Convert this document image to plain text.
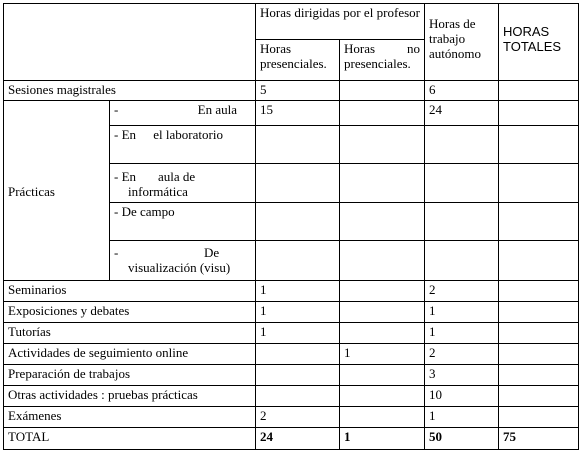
		Horas dirigidas por el profesor		Horas de trabajo autónomo	HORAS TOTALES
		Horas presenciales.	Horas no presenciales.		
Sesiones magistrales		5		6	
Prácticas	- En aula	15		24	
	- En el laboratorio				

	- En aula de informática				

	- De campo				

	- De visualización (visu)				

Seminarios		1		2	
Exposiciones y debates		1		1	
Tutorías		1		1	
Actividades de seguimiento online			1	2	
Preparación de trabajos				3	
Otras actividades : pruebas prácticas				10	
Exámenes		2		1	
TOTAL		24	1	50	75
